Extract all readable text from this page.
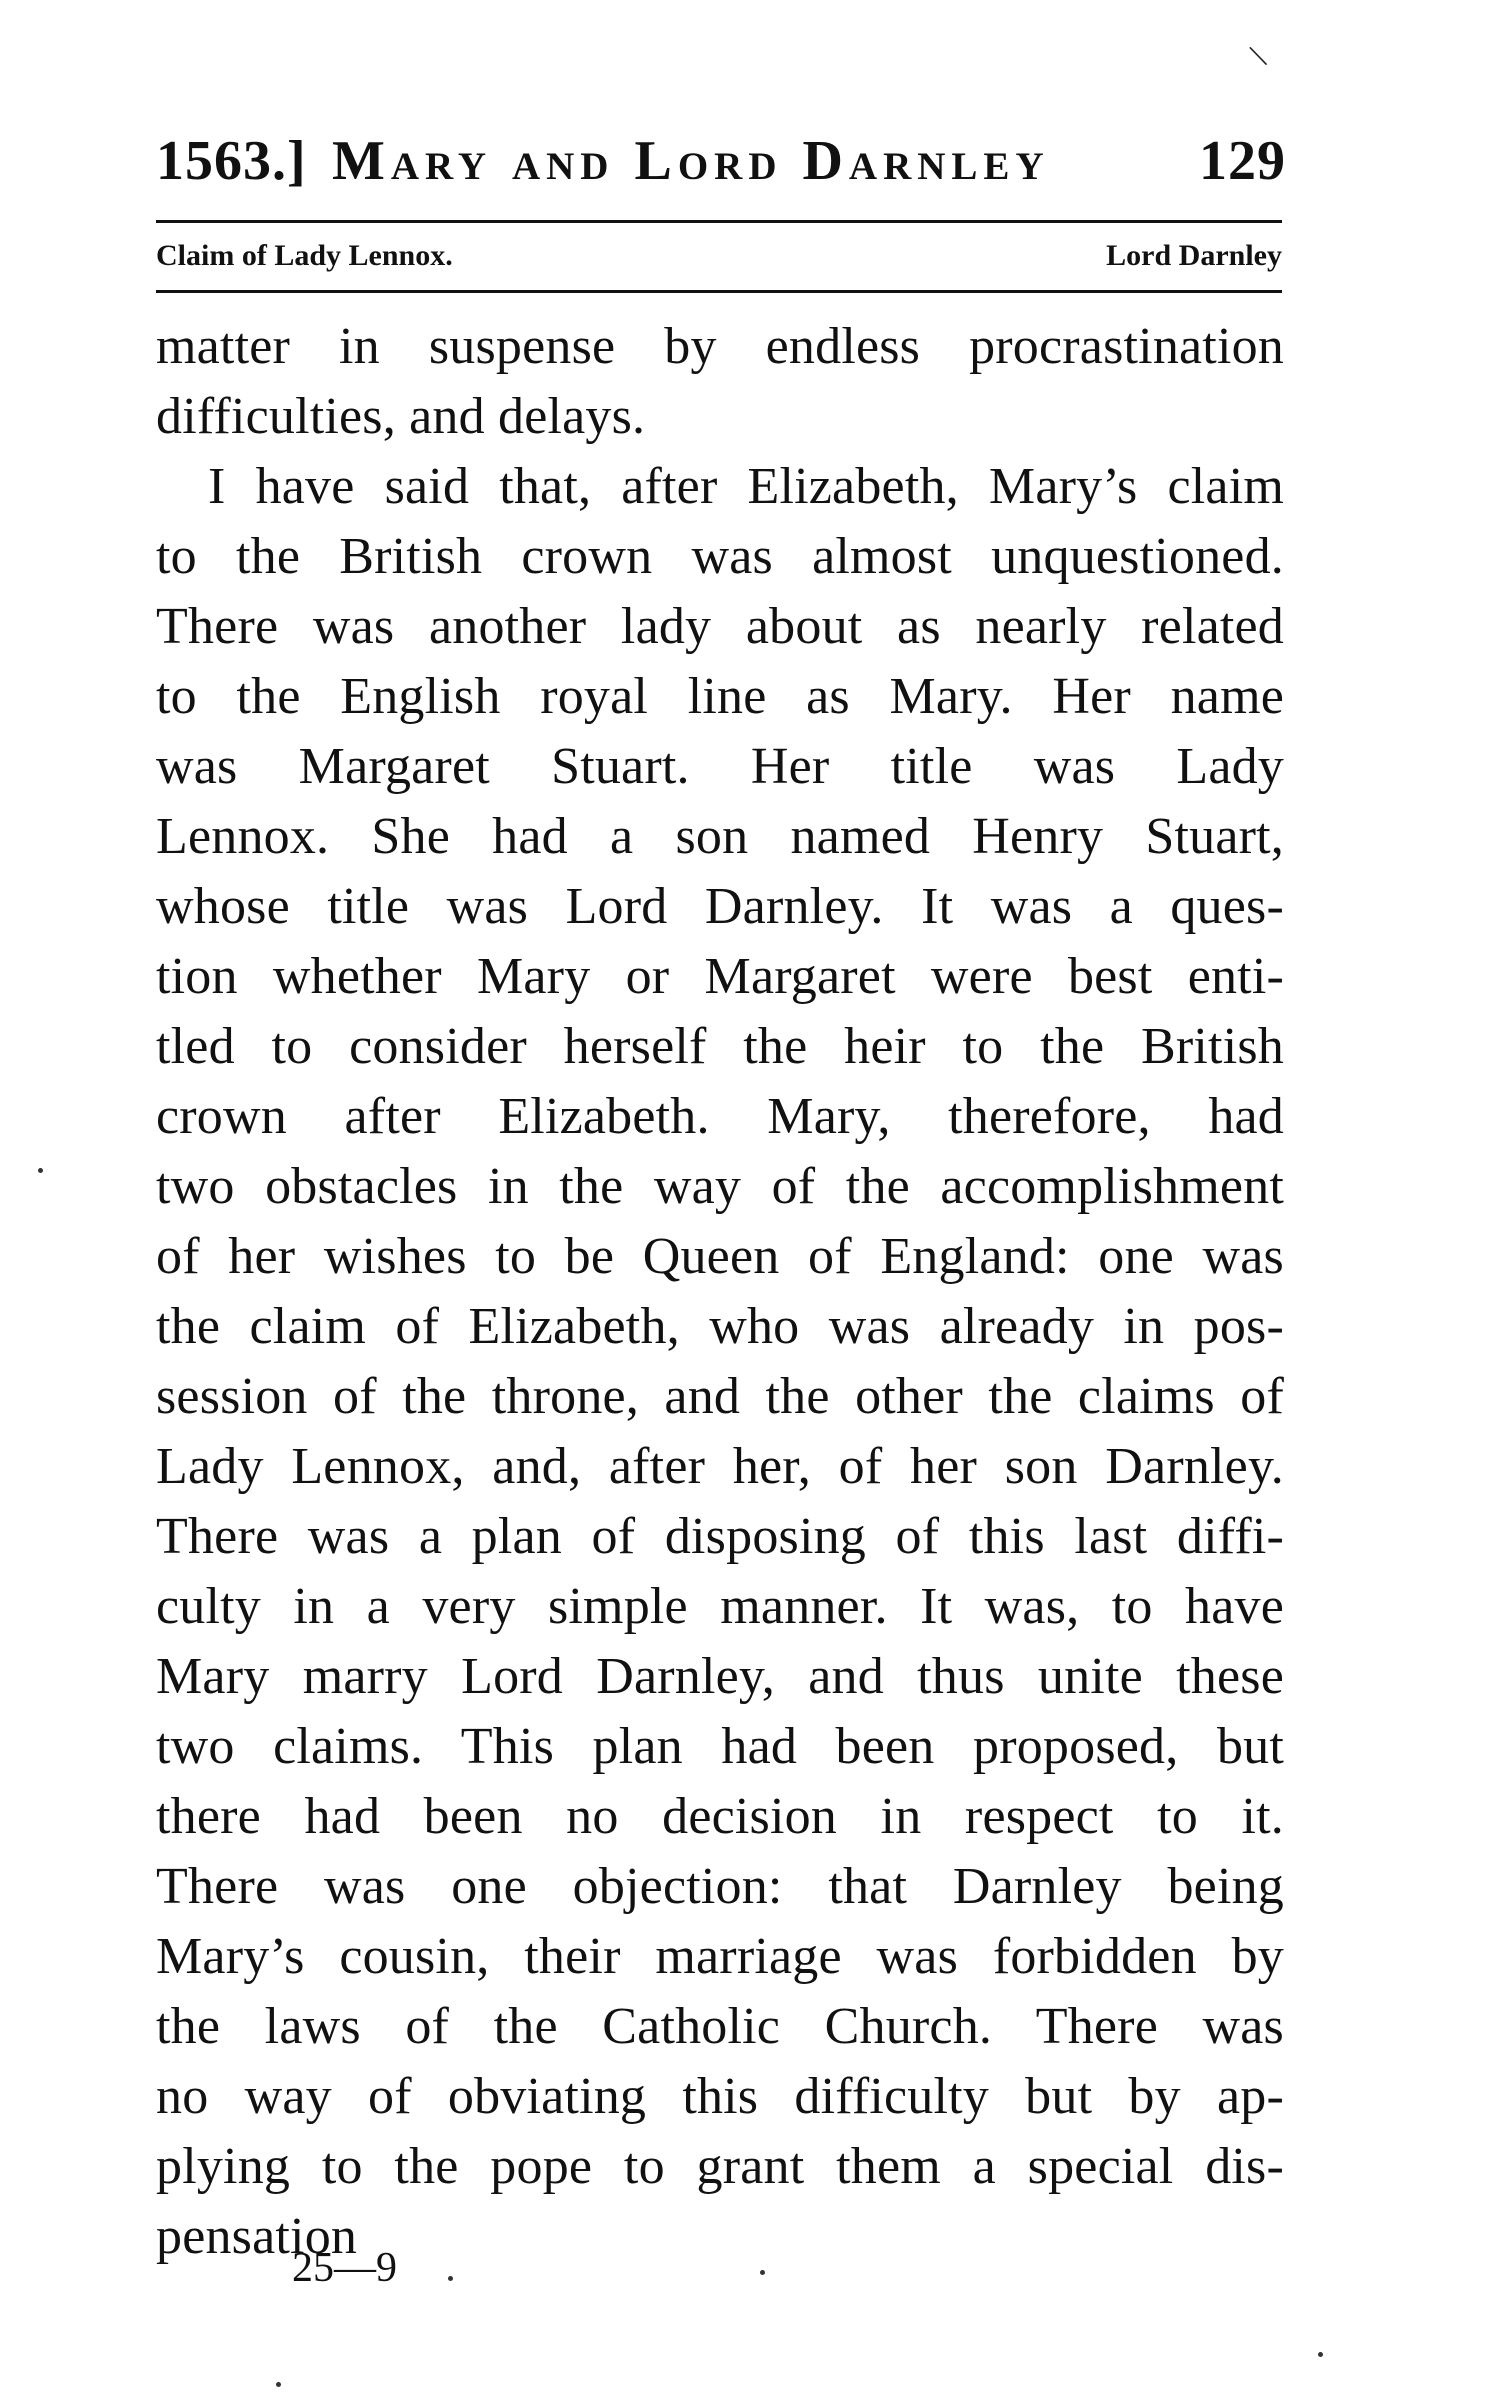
\
1563.] Mary and Lord Darnley	129
Claim of Lady Lennox.	Lord Darnley
matter in suspense by endless procrastination
difficulties, and delays.
I have said that, after Elizabeth, Mary’s claim
to the British crown was almost unquestioned.
There was another lady about as nearly related
to the English royal line as Mary. Her name
was Margaret Stuart. Her title was Lady
Lennox. She had a son named Henry Stuart,
whose title was Lord Darnley. It was a ques-
tion whether Mary or Margaret were best enti-
tled to consider herself the heir to the British
crown after Elizabeth. Mary, therefore, had
two obstacles in the way of the accomplishment
of her wishes to be Queen of England: one was
the claim of Elizabeth, who was already in pos-
session of the throne, and the other the claims of
Lady Lennox, and, after her, of her son Darnley.
There was a plan of disposing of this last diffi-
culty in a very simple manner. It was, to have
Mary marry Lord Darnley, and thus unite these
two claims. This plan had been proposed, but
there had been no decision in respect to it.
There was one objection: that Darnley being
Mary’s cousin, their marriage was forbidden by
the laws of the Catholic Church. There was
no way of obviating this difficulty but by ap-
plying to the pope to grant them a special dis-
pensation
25—9
